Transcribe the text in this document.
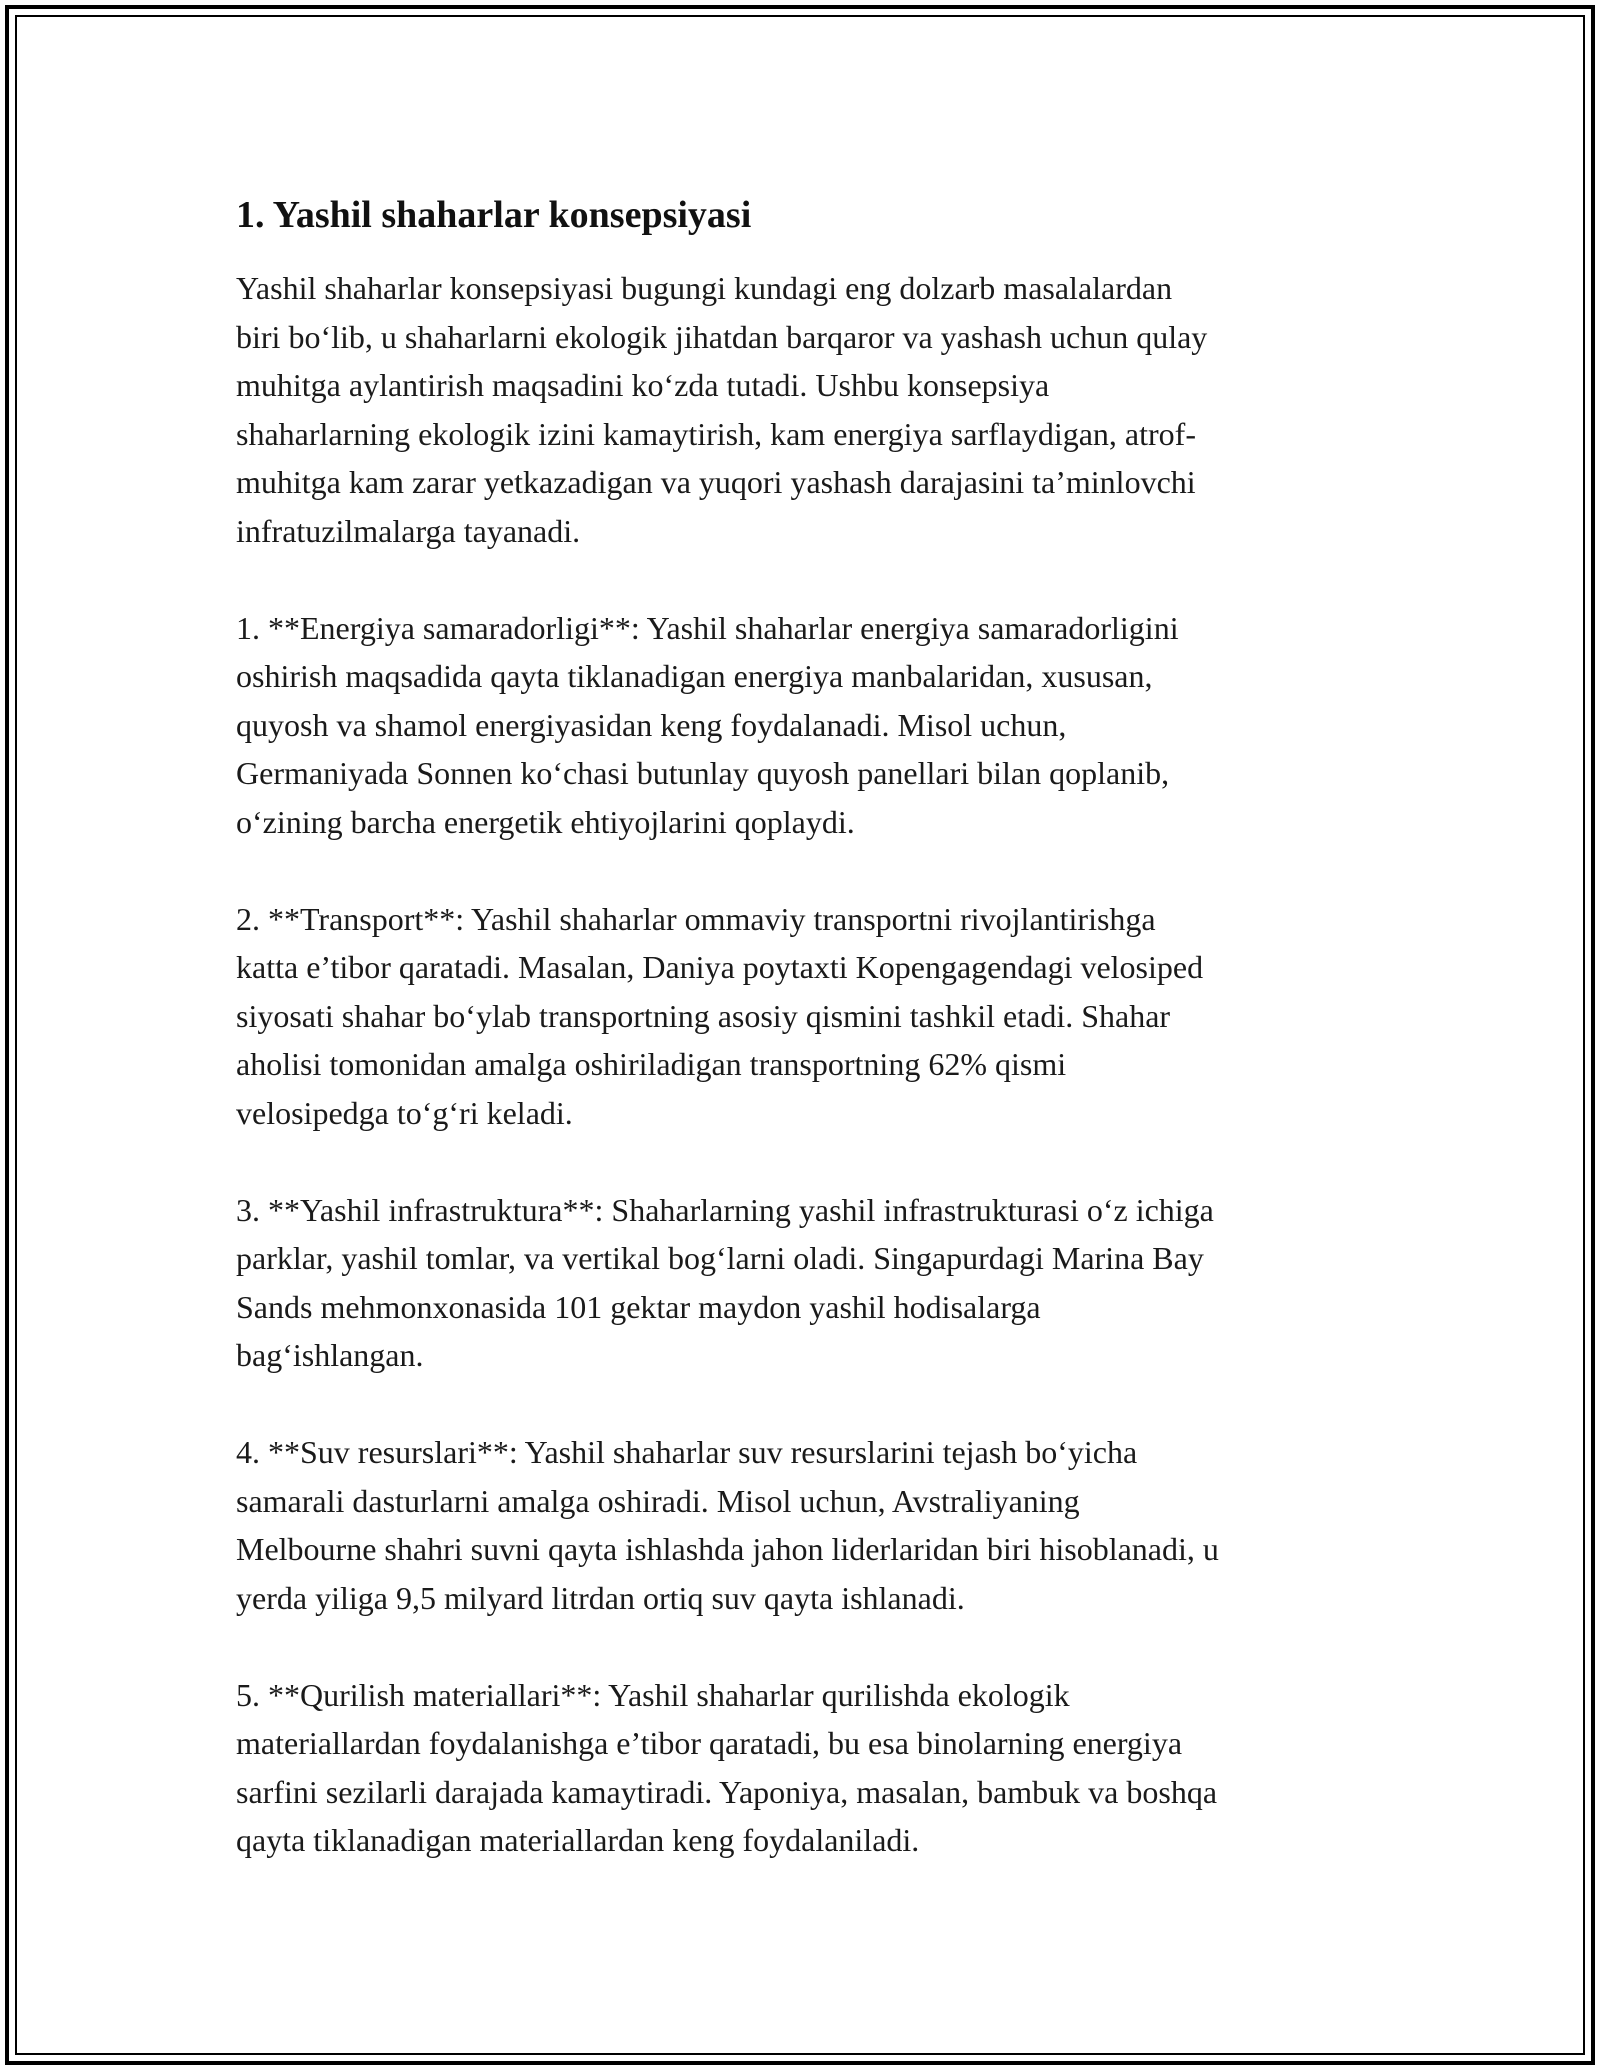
1. Yashil shaharlar konsepsiyasi

Yashil shaharlar konsepsiyasi bugungi kundagi eng dolzarb masalalardan
biri bo‘lib, u shaharlarni ekologik jihatdan barqaror va yashash uchun qulay
muhitga aylantirish maqsadini ko‘zda tutadi. Ushbu konsepsiya
shaharlarning ekologik izini kamaytirish, kam energiya sarflaydigan, atrof-
muhitga kam zarar yetkazadigan va yuqori yashash darajasini ta’minlovchi
infratuzilmalarga tayanadi.

1. **Energiya samaradorligi**: Yashil shaharlar energiya samaradorligini
oshirish maqsadida qayta tiklanadigan energiya manbalaridan, xususan,
quyosh va shamol energiyasidan keng foydalanadi. Misol uchun,
Germaniyada Sonnen ko‘chasi butunlay quyosh panellari bilan qoplanib,
o‘zining barcha energetik ehtiyojlarini qoplaydi.

2. **Transport**: Yashil shaharlar ommaviy transportni rivojlantirishga
katta e’tibor qaratadi. Masalan, Daniya poytaxti Kopengagendagi velosiped
siyosati shahar bo‘ylab transportning asosiy qismini tashkil etadi. Shahar
aholisi tomonidan amalga oshiriladigan transportning 62% qismi
velosipedga to‘g‘ri keladi.

3. **Yashil infrastruktura**: Shaharlarning yashil infrastrukturasi o‘z ichiga
parklar, yashil tomlar, va vertikal bog‘larni oladi. Singapurdagi Marina Bay
Sands mehmonxonasida 101 gektar maydon yashil hodisalarga
bag‘ishlangan.

4. **Suv resurslari**: Yashil shaharlar suv resurslarini tejash bo‘yicha
samarali dasturlarni amalga oshiradi. Misol uchun, Avstraliyaning
Melbourne shahri suvni qayta ishlashda jahon liderlaridan biri hisoblanadi, u
yerda yiliga 9,5 milyard litrdan ortiq suv qayta ishlanadi.

5. **Qurilish materiallari**: Yashil shaharlar qurilishda ekologik
materiallardan foydalanishga e’tibor qaratadi, bu esa binolarning energiya
sarfini sezilarli darajada kamaytiradi. Yaponiya, masalan, bambuk va boshqa
qayta tiklanadigan materiallardan keng foydalaniladi.
